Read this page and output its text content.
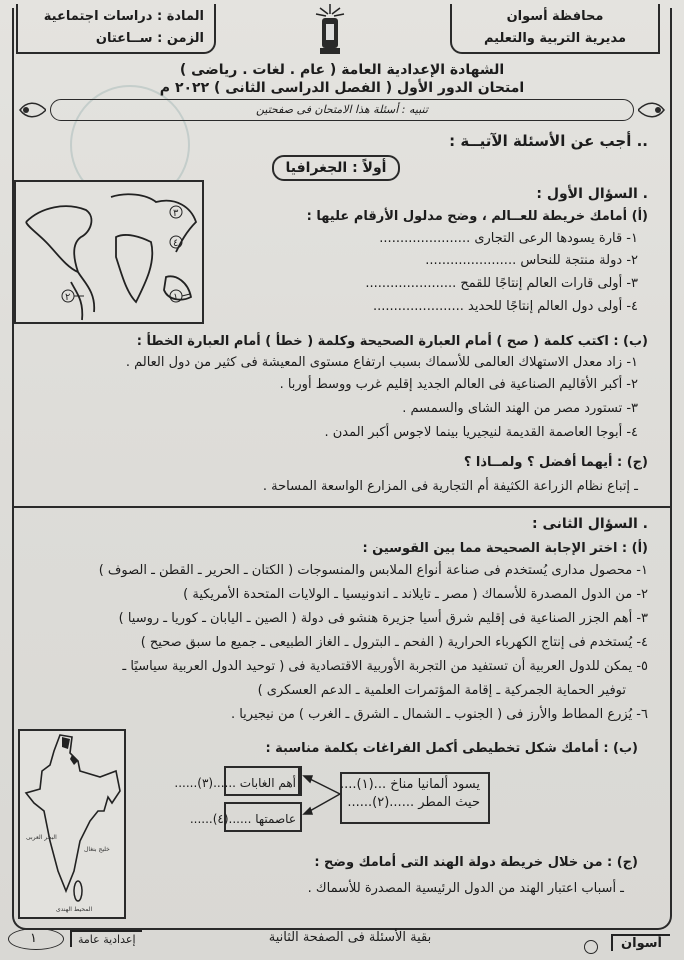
محافظة أسوان
مديرية التربية والتعليم
المادة : دراسات اجتماعية
الزمن : ســاعتان
الشهادة الإعدادية العامة ( عام . لغات . رياضى )
امتحان الدور الأول ( الفصل الدراسى الثانى ) ٢٠٢٢ م
تنبيه : أسئلة هذا الامتحان فى صفحتين
.. أجب عن الأسئلة الآتيــة :
أولاً : الجغرافيا
. السؤال الأول :
(أ) أمامك خريطة للعــالم ، وضح مدلول الأرقام عليها :
١- قارة يسودها الرعى التجارى ......................
٢- دولة منتجة للنحاس ......................
٣- أولى قارات العالم إنتاجًا للقمح ......................
٤- أولى دول العالم إنتاجًا للحديد ......................
٣
٤
١
٢
(ب) : اكتب كلمة ( صح ) أمام العبارة الصحيحة وكلمة ( خطأ ) أمام العبارة الخطأ :
١- زاد معدل الاستهلاك العالمى للأسماك بسبب ارتفاع مستوى المعيشة فى كثير من دول العالم .
٢- أكبر الأقاليم الصناعية فى العالم الجديد إقليم غرب ووسط أوربا .
٣- تستورد مصر من الهند الشاى والسمسم .
٤- أبوجا العاصمة القديمة لنيجيريا بينما لاجوس أكبر المدن .
(ج) : أيهما أفضل ؟ ولمــاذا ؟
ـ إتباع نظام الزراعة الكثيفة أم التجارية فى المزارع الواسعة المساحة .
. السؤال الثانى :
(أ) : اختر الإجابة الصحيحة مما بين القوسين :
١- محصول مدارى يُستخدم فى صناعة أنواع الملابس والمنسوجات ( الكتان ـ الحرير ـ القطن ـ الصوف )
٢- من الدول المصدرة للأسماك ( مصر ـ تايلاند ـ اندونيسيا ـ الولايات المتحدة الأمريكية )
٣- أهم الجزر الصناعية فى إقليم شرق أسيا جزيرة هنشو فى دولة ( الصين ـ اليابان ـ كوريا ـ روسيا )
٤- يُستخدم فى إنتاج الكهرباء الحرارية ( الفحم ـ البترول ـ الغاز الطبيعى ـ جميع ما سبق صحيح )
٥- يمكن للدول العربية أن تستفيد من التجربة الأوربية الاقتصادية فى ( توحيد الدول العربية سياسيًا ـ
توفير الحماية الجمركية ـ إقامة المؤتمرات العلمية ـ الدعم العسكرى )
٦- يُزرع المطاط والأرز فى ( الجنوب ـ الشمال ـ الشرق ـ الغرب ) من نيجيريا .
البحر العربى
خليج بنغال
المحيط الهندى
(ب) : أمامك شكل تخطيطى أكمل الفراغات بكلمة مناسبة :
يسود ألمانيا مناخ ...(١)....
حيث المطر ......(٢)......
أهم الغابات ......(٣)......
عاصمتها ......(٤)......
(ج) : من خلال خريطة دولة الهند التى أمامك وضح :
ـ أسباب اعتبار الهند من الدول الرئيسية المصدرة للأسماك .
١	إعدادية عامة	بقية الأسئلة فى الصفحة الثانية	أسوان
